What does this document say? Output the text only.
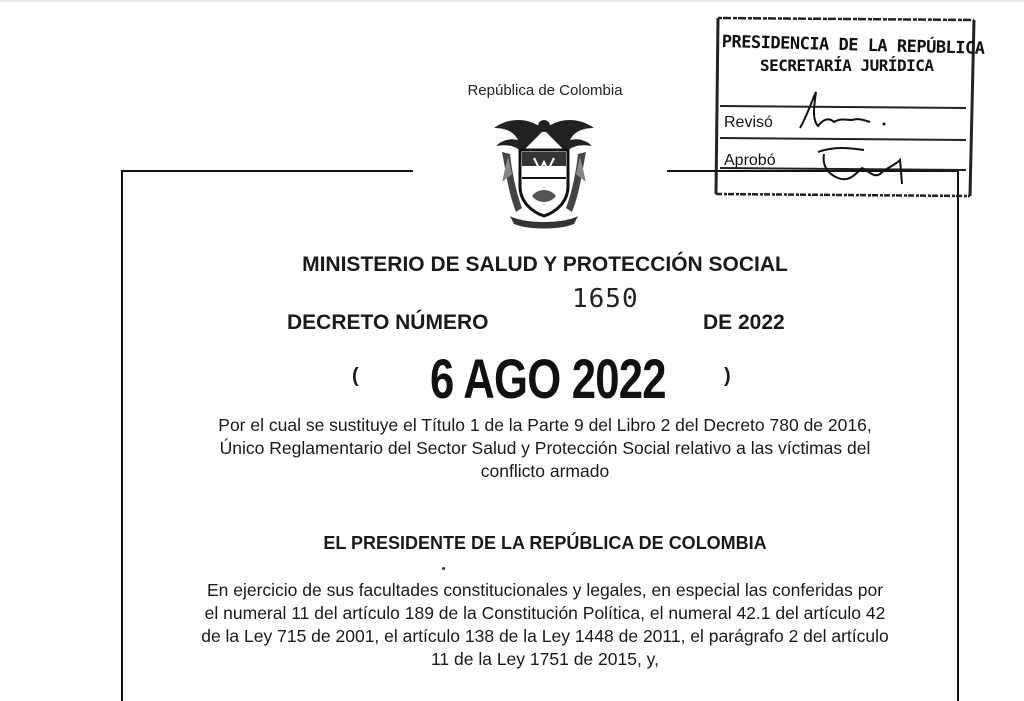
República de Colombia
PRESIDENCIA DE LA REPÚBLICA
SECRETARÍA JURÍDICA
Revisó
Aprobó
MINISTERIO DE SALUD Y PROTECCIÓN SOCIAL
DECRETO NÚMERO
1650
DE 2022
( 6 AGO 2022	)
Por el cual se sustituye el Título 1 de la Parte 9 del Libro 2 del Decreto 780 de 2016,
Único Reglamentario del Sector Salud y Protección Social relativo a las víctimas del
conflicto armado
EL PRESIDENTE DE LA REPÚBLICA DE COLOMBIA
En ejercicio de sus facultades constitucionales y legales, en especial las conferidas por
el numeral 11 del artículo 189 de la Constitución Política, el numeral 42.1 del artículo 42
de la Ley 715 de 2001, el artículo 138 de la Ley 1448 de 2011, el parágrafo 2 del artículo
11 de la Ley 1751 de 2015, y,
